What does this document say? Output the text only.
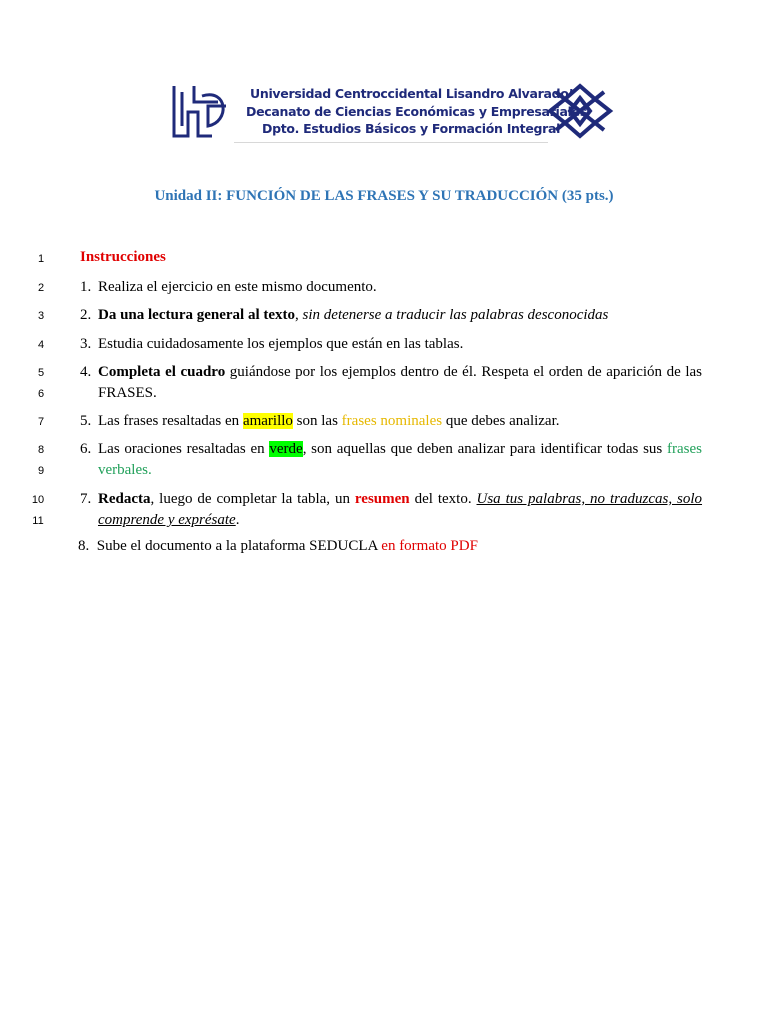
Universidad Centroccidental Lisandro Alvarado”
Decanato de Ciencias Económicas y Empresariales
Dpto. Estudios Básicos y Formación Integral
Unidad II: FUNCIÓN DE LAS FRASES Y SU TRADUCCIÓN (35 pts.)
1
2
3
4
5
6
7
8
9
10
11
Instrucciones
1. Realiza el ejercicio en este mismo documento.
2. Da una lectura general al texto, sin detenerse a traducir las palabras desconocidas
3. Estudia cuidadosamente los ejemplos que están en las tablas.
4. Completa el cuadro guiándose por los ejemplos dentro de él. Respeta el orden de aparición de las FRASES.
5. Las frases resaltadas en amarillo son las frases nominales que debes analizar.
6. Las oraciones resaltadas en verde, son aquellas que deben analizar para identificar todas sus frases verbales.
7. Redacta, luego de completar la tabla, un resumen del texto. Usa tus palabras, no traduzcas, solo comprende y exprésate.
8. Sube el documento a la plataforma SEDUCLA en formato PDF
